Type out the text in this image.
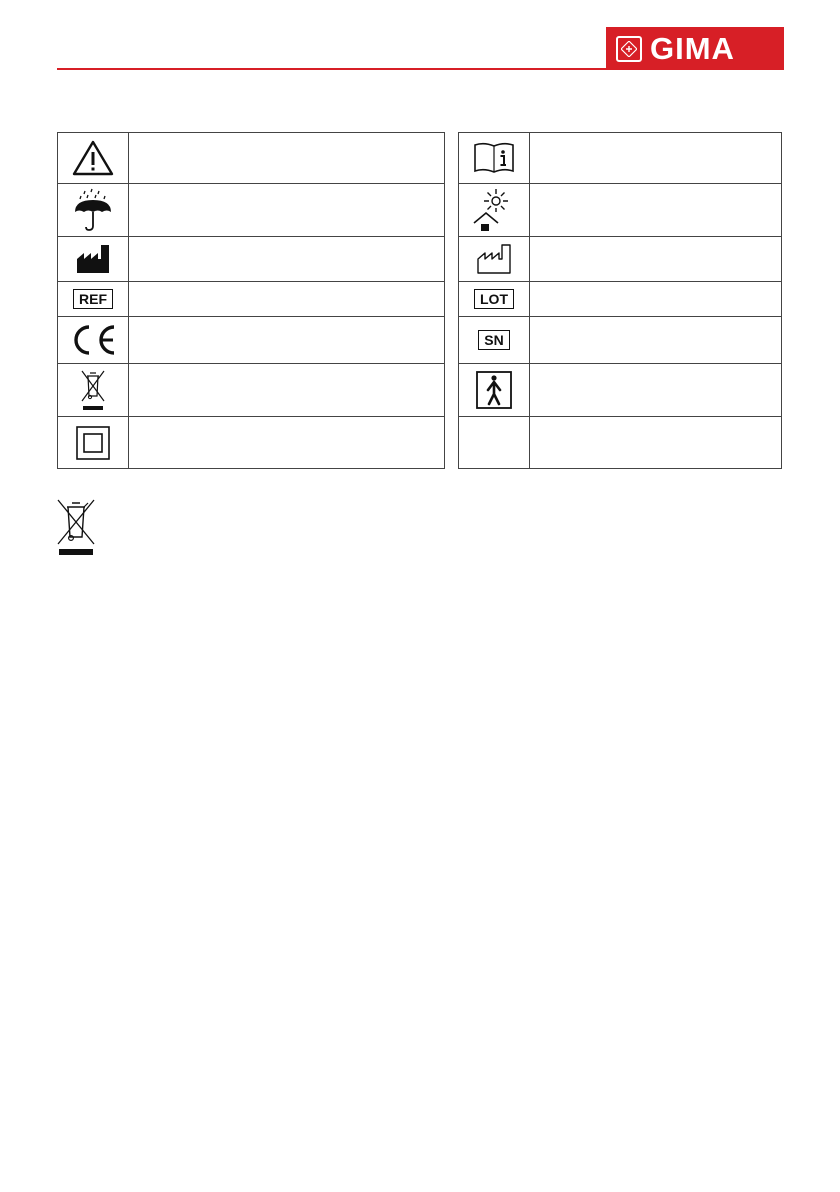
GIMA

REF			LOT	

			SN	
